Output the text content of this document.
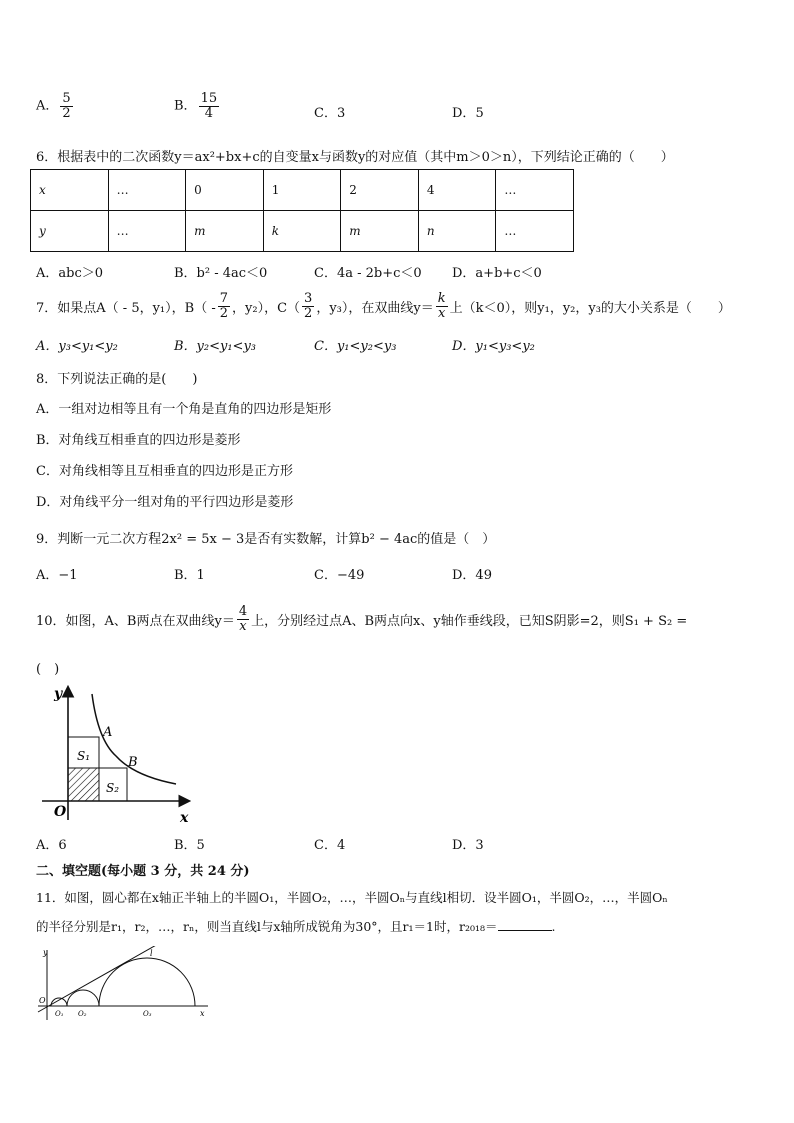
A． $\frac{5}{2}$	B． $\frac{15}{4}$	C．3	D．5
6．根据表中的二次函数y＝ax²+bx+c的自变量x与函数y的对应值（其中m＞0＞n），下列结论正确的（　　）
x	…	0	1	2	4	…
y	…	m	k	m	n	…
A．abc＞0	B．b² - 4ac＜0	C．4a - 2b+c＜0 D．a+b+c＜0
7．如果点A（ - 5，y₁），$B( - \frac{7}{2}$ ，y₂），$C( \frac{3}{2}$ ，y₃），在双曲线$y= \frac{k}{x}$ 上（k＜0），则y₁，y₂，y₃的大小关系是（　　）
A．y₃<y₁<y₂	B．y₂<y₁<y₃	C．y₁<y₂<y₃	D．y₁<y₃<y₂
8．下列说法正确的是(　　)
A．一组对边相等且有一个角是直角的四边形是矩形
B．对角线互相垂直的四边形是菱形
C．对角线相等且互相垂直的四边形是正方形
D．对角线平分一组对角的平行四边形是菱形
9．判断一元二次方程2x² = 5x − 3是否有实数解，计算b² − 4ac的值是（　）
A．−1	B．1	C．−49	D．49
10．如图，A、B两点在双曲线$y= \frac{4}{x}$ 上，分别经过点A、B两点向x、y轴作垂线段，已知S阴影=2，则S₁ + S₂ =
(　)
y
x
O
A
B
S₁
S₂
A．6	B．5	C．4	D．3
二、填空题(每小题 3 分，共 24 分)
11．如图，圆心都在x轴正半轴上的半圆O₁，半圆O₂，…，半圆Oₙ与直线l相切．设半圆O₁，半圆O₂，…，半圆Oₙ
的半径分别是r₁，r₂，…，rₙ，则当直线l与x轴所成锐角为30°，且r₁＝1时，r₂₀₁₈＝	.
y
x
O
l
O₁ O₂	O₃
